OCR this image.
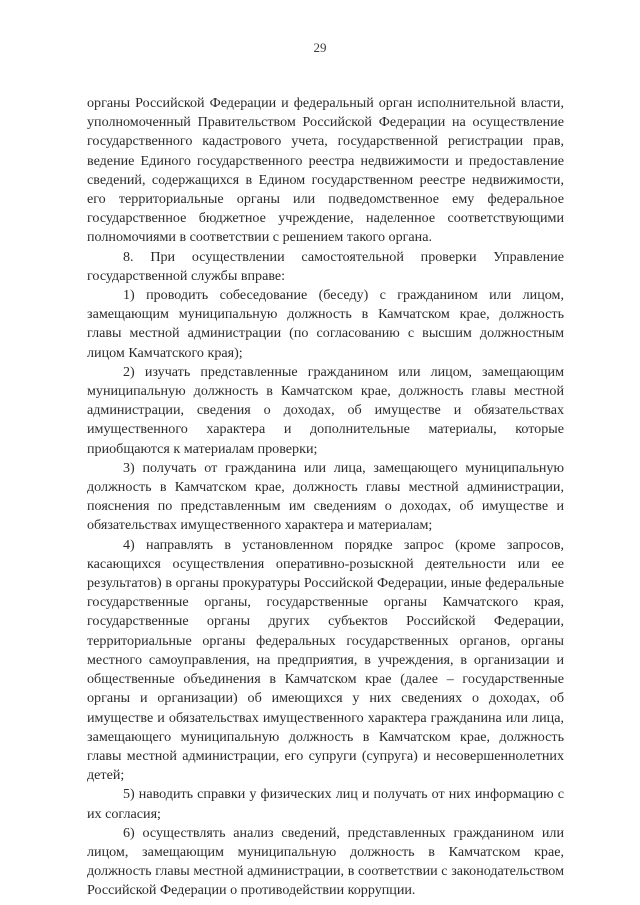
29

органы Российской Федерации и федеральный орган исполнительной власти, уполномоченный Правительством Российской Федерации на осуществление государственного кадастрового учета, государственной регистрации прав, ведение Единого государственного реестра недвижимости и предоставление сведений, содержащихся в Едином государственном реестре недвижимости, его территориальные органы или подведомственное ему федеральное государственное бюджетное учреждение, наделенное соответствующими полномочиями в соответствии с решением такого органа.

8. При осуществлении самостоятельной проверки Управление государственной службы вправе:

1) проводить собеседование (беседу) с гражданином или лицом, замещающим муниципальную должность в Камчатском крае, должность главы местной администрации (по согласованию с высшим должностным лицом Камчатского края);

2) изучать представленные гражданином или лицом, замещающим муниципальную должность в Камчатском крае, должность главы местной администрации, сведения о доходах, об имуществе и обязательствах имущественного характера и дополнительные материалы, которые приобщаются к материалам проверки;

3) получать от гражданина или лица, замещающего муниципальную должность в Камчатском крае, должность главы местной администрации, пояснения по представленным им сведениям о доходах, об имуществе и обязательствах имущественного характера и материалам;

4) направлять в установленном порядке запрос (кроме запросов, касающихся осуществления оперативно-розыскной деятельности или ее результатов) в органы прокуратуры Российской Федерации, иные федеральные государственные органы, государственные органы Камчатского края, государственные органы других субъектов Российской Федерации, территориальные органы федеральных государственных органов, органы местного самоуправления, на предприятия, в учреждения, в организации и общественные объединения в Камчатском крае (далее – государственные органы и организации) об имеющихся у них сведениях о доходах, об имуществе и обязательствах имущественного характера гражданина или лица, замещающего муниципальную должность в Камчатском крае, должность главы местной администрации, его супруги (супруга) и несовершеннолетних детей;

5) наводить справки у физических лиц и получать от них информацию с их согласия;

6) осуществлять анализ сведений, представленных гражданином или лицом, замещающим муниципальную должность в Камчатском крае, должность главы местной администрации, в соответствии с законодательством Российской Федерации о противодействии коррупции.
